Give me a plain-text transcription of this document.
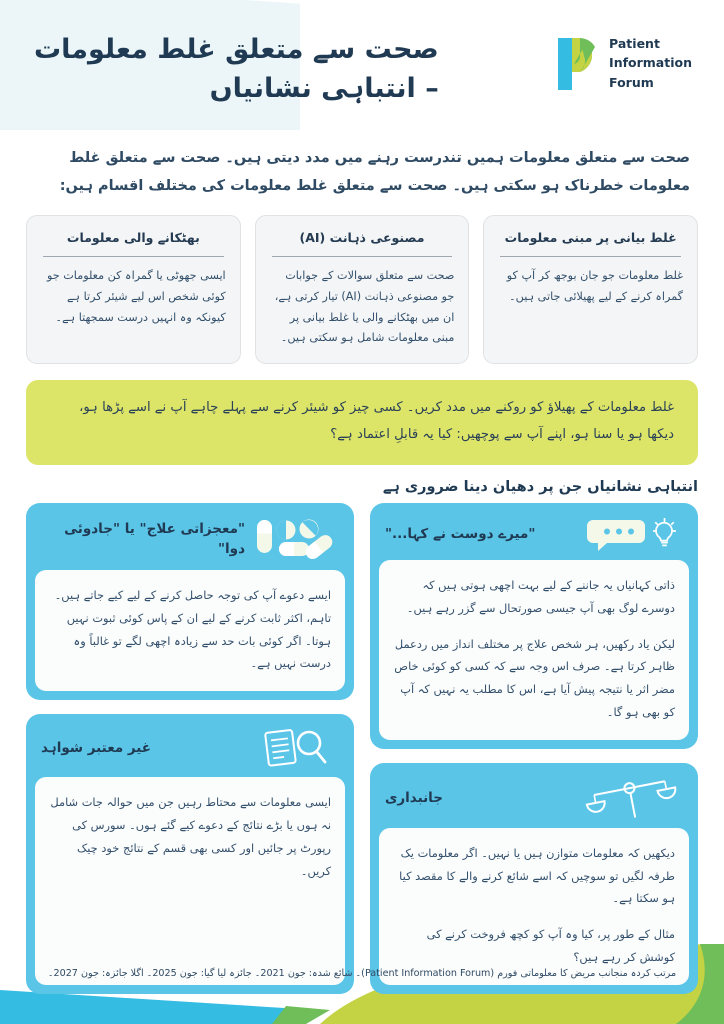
صحت سے متعلق غلط معلومات
– انتباہی نشانیاں
Patient
Information
Forum
صحت سے متعلق معلومات ہمیں تندرست رہنے میں مدد دیتی ہیں۔ صحت سے متعلق غلط معلومات خطرناک ہو سکتی ہیں۔ صحت سے متعلق غلط معلومات کی مختلف اقسام ہیں:
بھٹکانے والی معلومات
ایسی جھوٹی یا گمراہ کن معلومات جو کوئی شخص اس لیے شیئر کرتا ہے کیونکہ وہ انہیں درست سمجھتا ہے۔
مصنوعی ذہانت (AI)
صحت سے متعلق سوالات کے جوابات جو مصنوعی ذہانت (AI) تیار کرتی ہے، ان میں بھٹکانے والی یا غلط بیانی پر مبنی معلومات شامل ہو سکتی ہیں۔
غلط بیانی پر مبنی معلومات
غلط معلومات جو جان بوجھ کر آپ کو گمراہ کرنے کے لیے پھیلائی جاتی ہیں۔
غلط معلومات کے پھیلاؤ کو روکنے میں مدد کریں۔ کسی چیز کو شیئر کرنے سے پہلے چاہے آپ نے اسے پڑھا ہو، دیکھا ہو یا سنا ہو، اپنے آپ سے پوچھیں: کیا یہ قابلِ اعتماد ہے؟
انتباہی نشانیاں جن پر دھیان دینا ضروری ہے
"میرے دوست نے کہا..."

ذاتی کہانیاں یہ جاننے کے لیے بہت اچھی ہوتی ہیں کہ دوسرے لوگ بھی آپ جیسی صورتحال سے گزر رہے ہیں۔

لیکن یاد رکھیں، ہر شخص علاج پر مختلف انداز میں ردعمل ظاہر کرتا ہے۔ صرف اس وجہ سے کہ کسی کو کوئی خاص مضر اثر یا نتیجہ پیش آیا ہے، اس کا مطلب یہ نہیں کہ آپ کو بھی ہو گا۔

"معجزاتی علاج" یا "جادوئی دوا"

ایسے دعوے آپ کی توجہ حاصل کرنے کے لیے کیے جاتے ہیں۔ تاہم، اکثر ثابت کرنے کے لیے ان کے پاس کوئی ثبوت نہیں ہوتا۔ اگر کوئی بات حد سے زیادہ اچھی لگے تو غالباً وہ درست نہیں ہے۔

غیر معتبر شواہد

ایسی معلومات سے محتاط رہیں جن میں حوالہ جات شامل نہ ہوں یا بڑے نتائج کے دعوے کیے گئے ہوں۔ سورس کی رپورٹ پر جائیں اور کسی بھی قسم کے نتائج خود چیک کریں۔

جانبداری

دیکھیں کہ معلومات متوازن ہیں یا نہیں۔ اگر معلومات یک طرفہ لگیں تو سوچیں کہ اسے شائع کرنے والے کا مقصد کیا ہو سکتا ہے۔

مثال کے طور پر، کیا وہ آپ کو کچھ فروخت کرنے کی کوشش کر رہے ہیں؟

مرتب کردہ منجانب مریض کا معلوماتی فورم (Patient Information Forum)۔ شائع شدہ: جون 2021۔ جائزہ لیا گیا: جون 2025۔ اگلا جائزہ: جون 2027۔
